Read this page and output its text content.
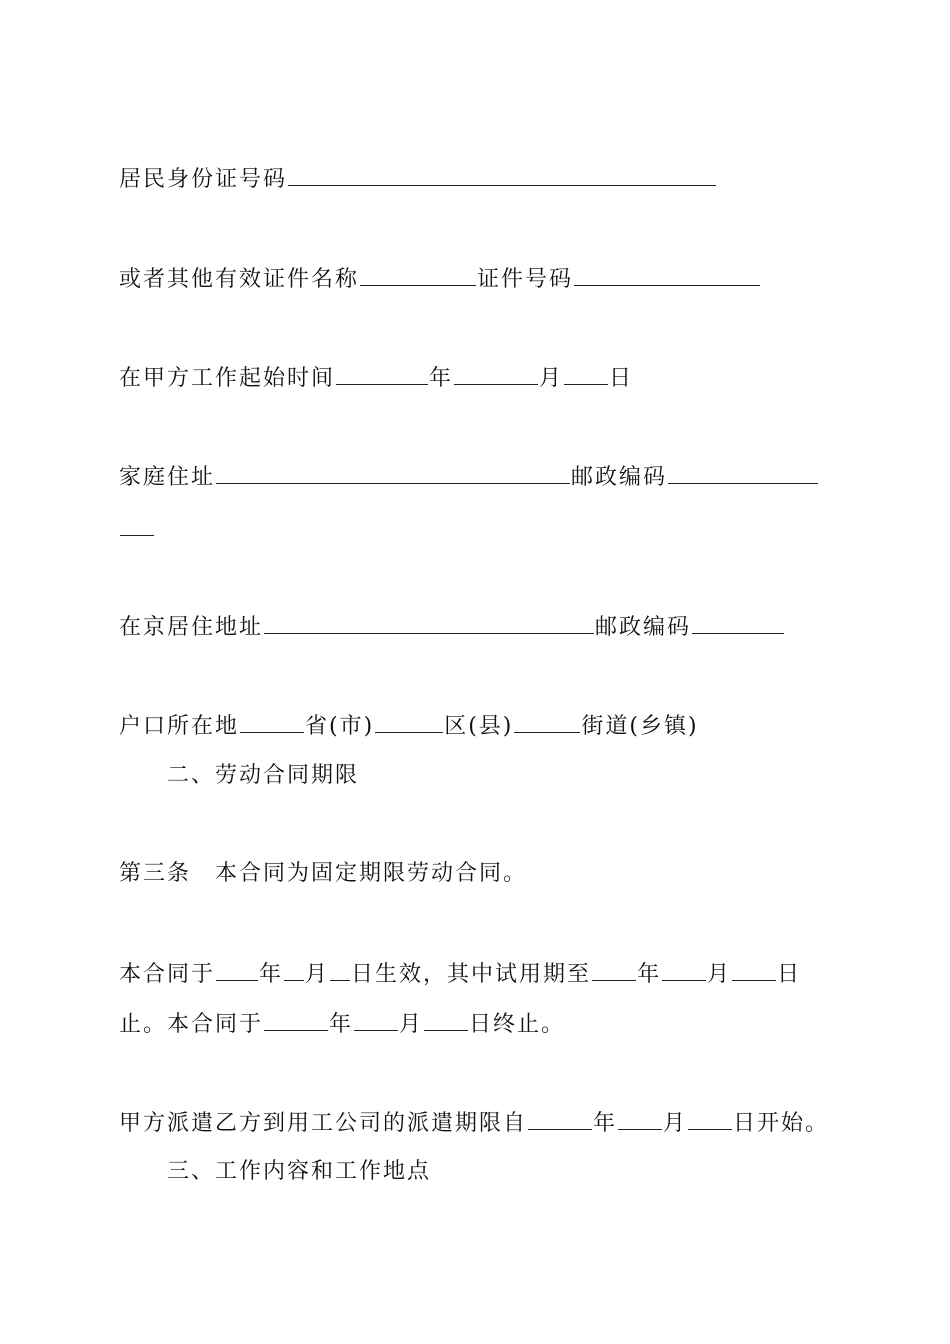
居民身份证号码
或者其他有效证件名称	证件号码
在甲方工作起始时间	年	月 日
家庭住址	邮政编码
在京居住地址	邮政编码
户口所在地	省(市)	区(县)	街道(乡镇)
二、劳动合同期限
第三条　本合同为固定期限劳动合同。
本合同于 年 月 日生效，其中试用期至 年 月 日
止。本合同于	年 月 日终止。
甲方派遣乙方到用工公司的派遣期限自	年 月 日开始。
三、工作内容和工作地点
